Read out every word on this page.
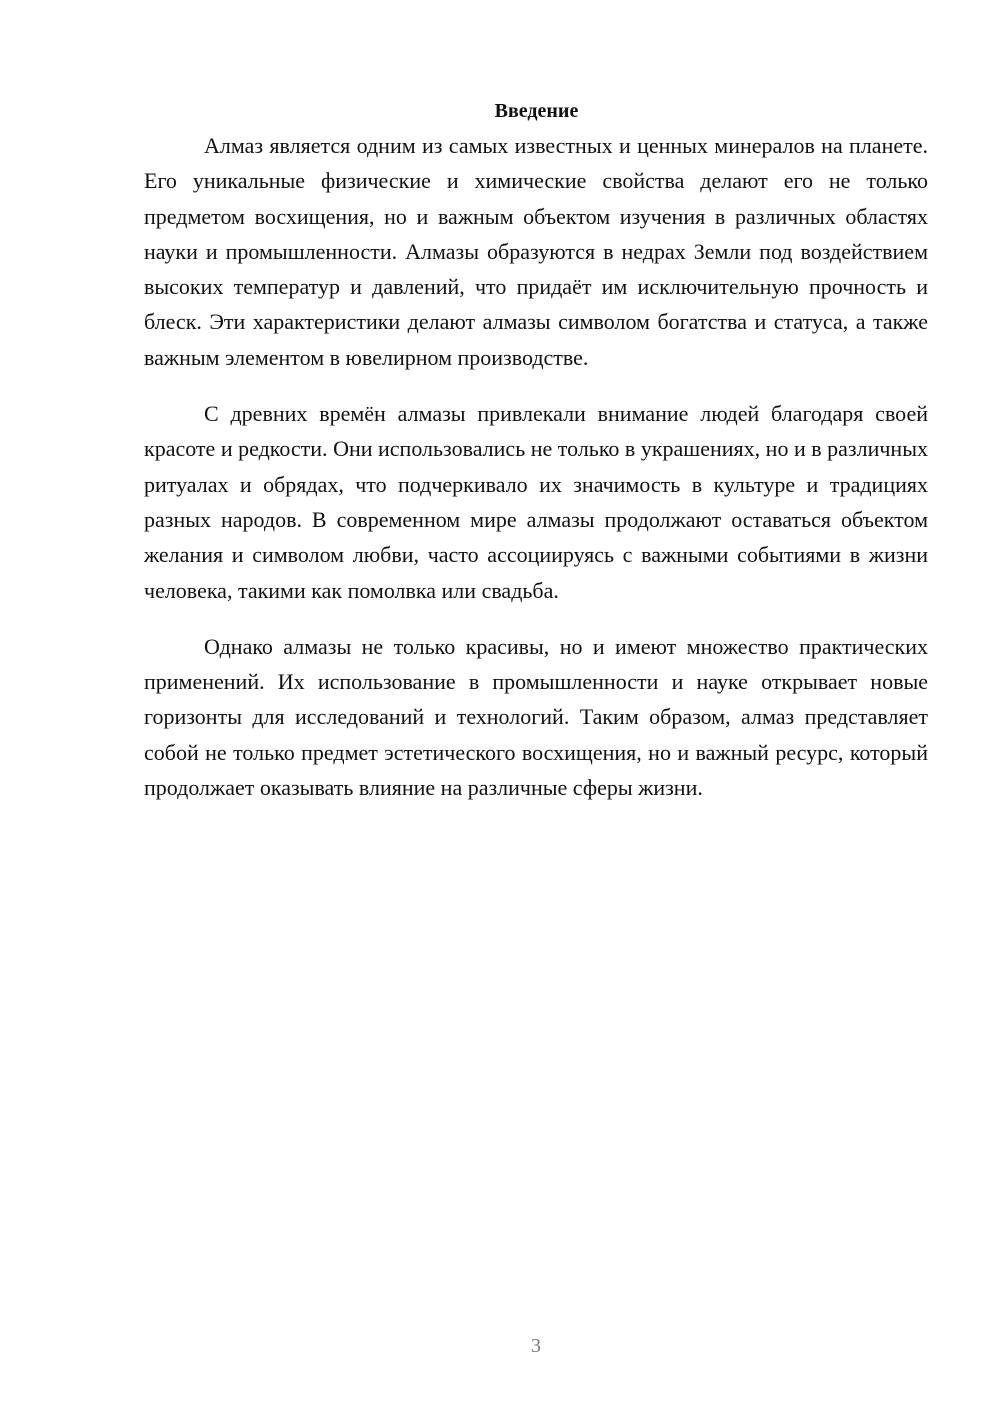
Введение

Алмаз является одним из самых известных и ценных минералов на планете. Его уникальные физические и химические свойства делают его не только предметом восхищения, но и важным объектом изучения в различных областях науки и промышленности. Алмазы образуются в недрах Земли под воздействием высоких температур и давлений, что придаёт им исключительную прочность и блеск. Эти характеристики делают алмазы символом богатства и статуса, а также важным элементом в ювелирном производстве.

С древних времён алмазы привлекали внимание людей благодаря своей красоте и редкости. Они использовались не только в украшениях, но и в различных ритуалах и обрядах, что подчеркивало их значимость в культуре и традициях разных народов. В современном мире алмазы продолжают оставаться объектом желания и символом любви, часто ассоциируясь с важными событиями в жизни человека, такими как помолвка или свадьба.

Однако алмазы не только красивы, но и имеют множество практических применений. Их использование в промышленности и науке открывает новые горизонты для исследований и технологий. Таким образом, алмаз представляет собой не только предмет эстетического восхищения, но и важный ресурс, который продолжает оказывать влияние на различные сферы жизни.

3
